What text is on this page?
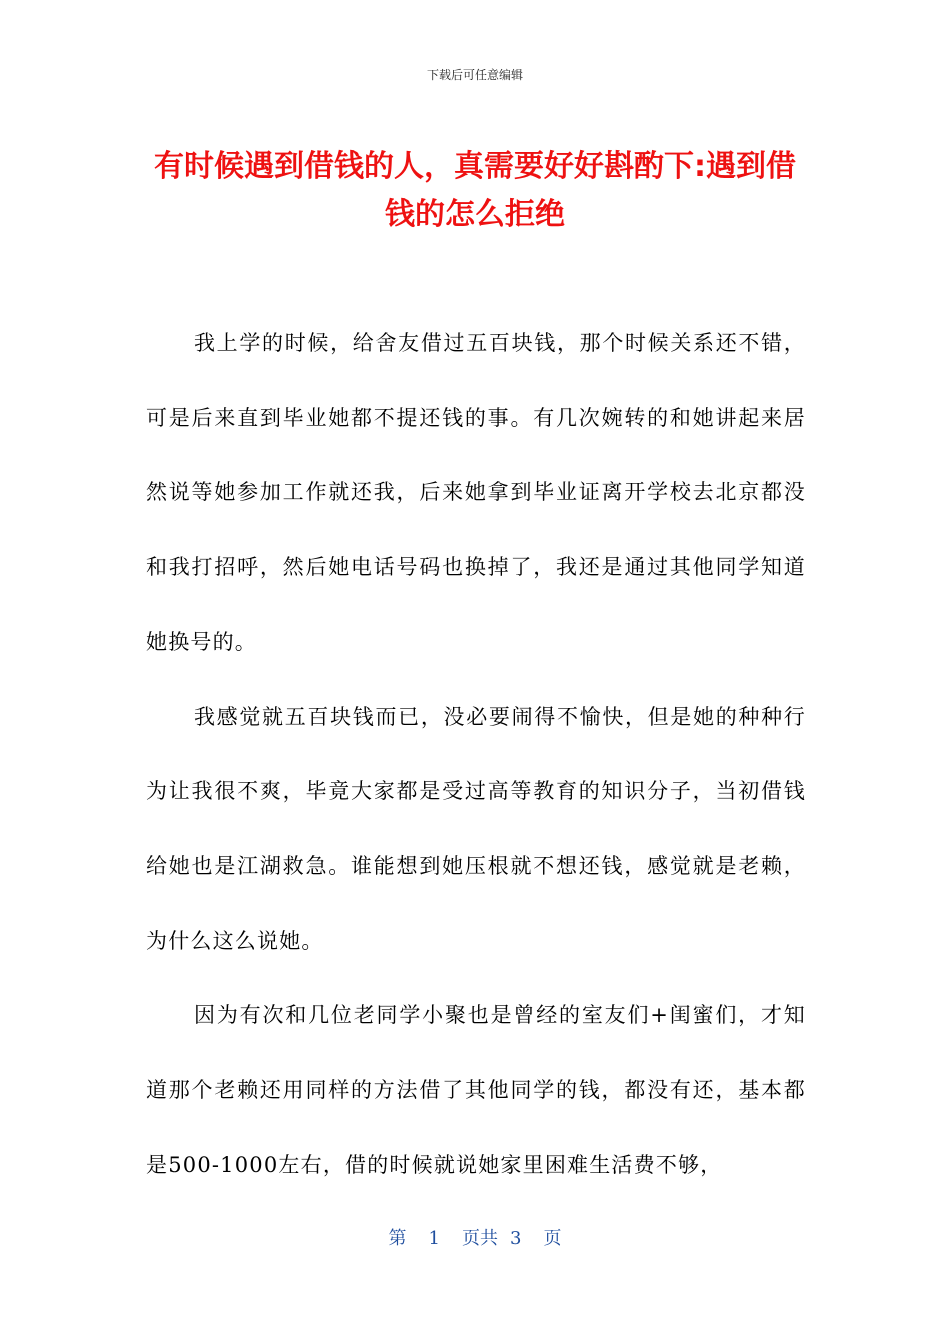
下载后可任意编辑
有时候遇到借钱的人，真需要好好斟酌下:遇到借钱的怎么拒绝

我上学的时候，给舍友借过五百块钱，那个时候关系还不错，可是后来直到毕业她都不提还钱的事。有几次婉转的和她讲起来居然说等她参加工作就还我，后来她拿到毕业证离开学校去北京都没和我打招呼，然后她电话号码也换掉了，我还是通过其他同学知道她换号的。

我感觉就五百块钱而已，没必要闹得不愉快，但是她的种种行为让我很不爽，毕竟大家都是受过高等教育的知识分子，当初借钱给她也是江湖救急。谁能想到她压根就不想还钱，感觉就是老赖，为什么这么说她。

因为有次和几位老同学小聚也是曾经的室友们+闺蜜们，才知道那个老赖还用同样的方法借了其他同学的钱，都没有还，基本都是500-1000左右，借的时候就说她家里困难生活费不够，

第 1 页共 3 页
